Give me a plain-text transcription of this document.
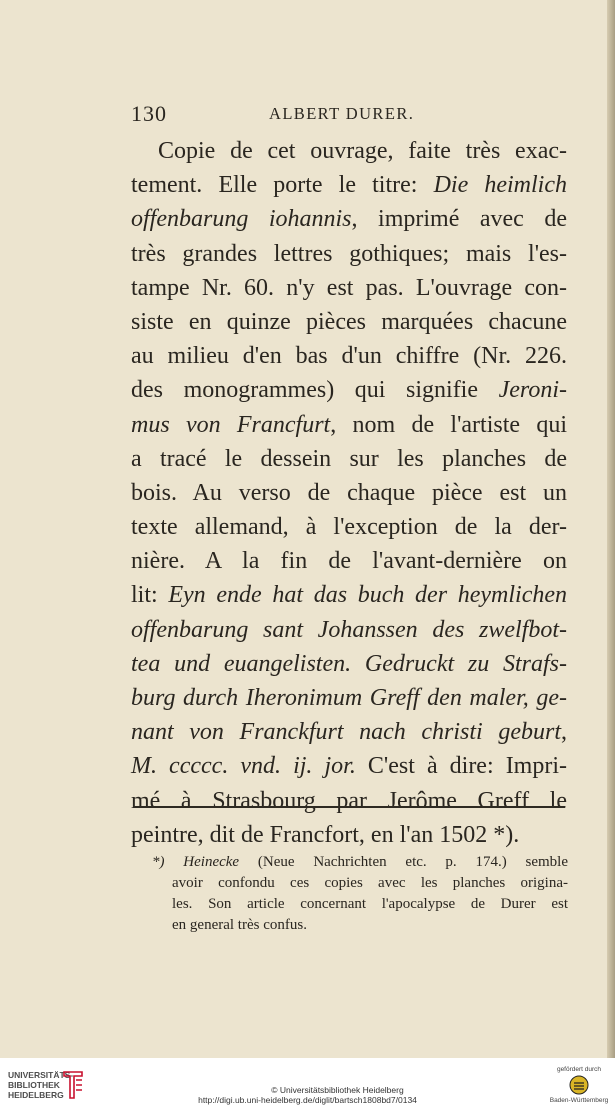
130	ALBERT DURER.
Copie de cet ouvrage, faite très exac-
tement. Elle porte le titre: Die heimlich
offenbarung iohannis, imprimé avec de
très grandes lettres gothiques; mais l'es-
tampe Nr. 60. n'y est pas. L'ouvrage con-
siste en quinze pièces marquées chacune
au milieu d'en bas d'un chiffre (Nr. 226.
des monogrammes) qui signifie Jeroni-
mus von Francfurt, nom de l'artiste qui
a tracé le dessein sur les planches de
bois. Au verso de chaque pièce est un
texte allemand, à l'exception de la der-
nière. A la fin de l'avant-dernière on
lit: Eyn ende hat das buch der heymlichen
offenbarung sant Johanssen des zwelfbot-
tea und euangelisten. Gedruckt zu Strafs-
burg durch Iheronimum Greff den maler, ge-
nant von Franckfurt nach christi geburt,
M. ccccc. vnd. ij. jor. C'est à dire: Impri-
mé à Strasbourg par Jerôme Greff le
peintre, dit de Francfort, en l'an 1502 *).
*) Heinecke (Neue Nachrichten etc. p. 174.) semble
avoir confondu ces copies avec les planches origina-
les. Son article concernant l'apocalypse de Durer est
en general très confus.
UNIVERSITÄTS-
BIBLIOTHEK
HEIDELBERG	© Universitätsbibliothek Heidelberg
http://digi.ub.uni-heidelberg.de/diglit/bartsch1808bd7/0134
gefördert durch
Baden-Württemberg
